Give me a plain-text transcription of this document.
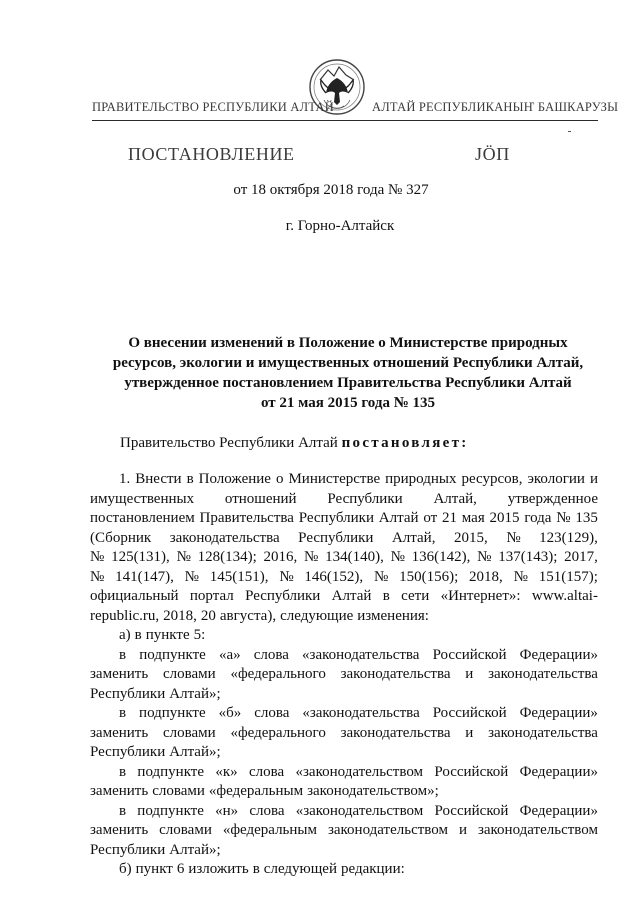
ПРАВИТЕЛЬСТВО РЕСПУБЛИКИ АЛТАЙ	АЛТАЙ РЕСПУБЛИКАНЫҤ БАШКАРУЗЫ
ПОСТАНОВЛЕНИЕ	ЈÖП
от 18 октября 2018 года № 327
г. Горно-Алтайск
О внесении изменений в Положение о Министерстве природных
ресурсов, экологии и имущественных отношений Республики Алтай,
утвержденное постановлением Правительства Республики Алтай
от 21 мая 2015 года № 135
Правительство Республики Алтай постановляет:
1. Внести в Положение о Министерстве природных ресурсов, экологии и
имущественных отношений Республики Алтай, утвержденное
постановлением Правительства Республики Алтай от 21 мая 2015 года № 135
(Сборник законодательства Республики Алтай, 2015, № 123(129),
№ 125(131), № 128(134); 2016, № 134(140), № 136(142), № 137(143); 2017,
№ 141(147), № 145(151), № 146(152), № 150(156); 2018, № 151(157);
официальный портал Республики Алтай в сети «Интернет»: www.altai-
republic.ru, 2018, 20 августа), следующие изменения:
а) в пункте 5:
в подпункте «а» слова «законодательства Российской Федерации»
заменить словами «федерального законодательства и законодательства
Республики Алтай»;
в подпункте «б» слова «законодательства Российской Федерации»
заменить словами «федерального законодательства и законодательства
Республики Алтай»;
в подпункте «к» слова «законодательством Российской Федерации»
заменить словами «федеральным законодательством»;
в подпункте «н» слова «законодательством Российской Федерации»
заменить словами «федеральным законодательством и законодательством
Республики Алтай»;
б) пункт 6 изложить в следующей редакции:
